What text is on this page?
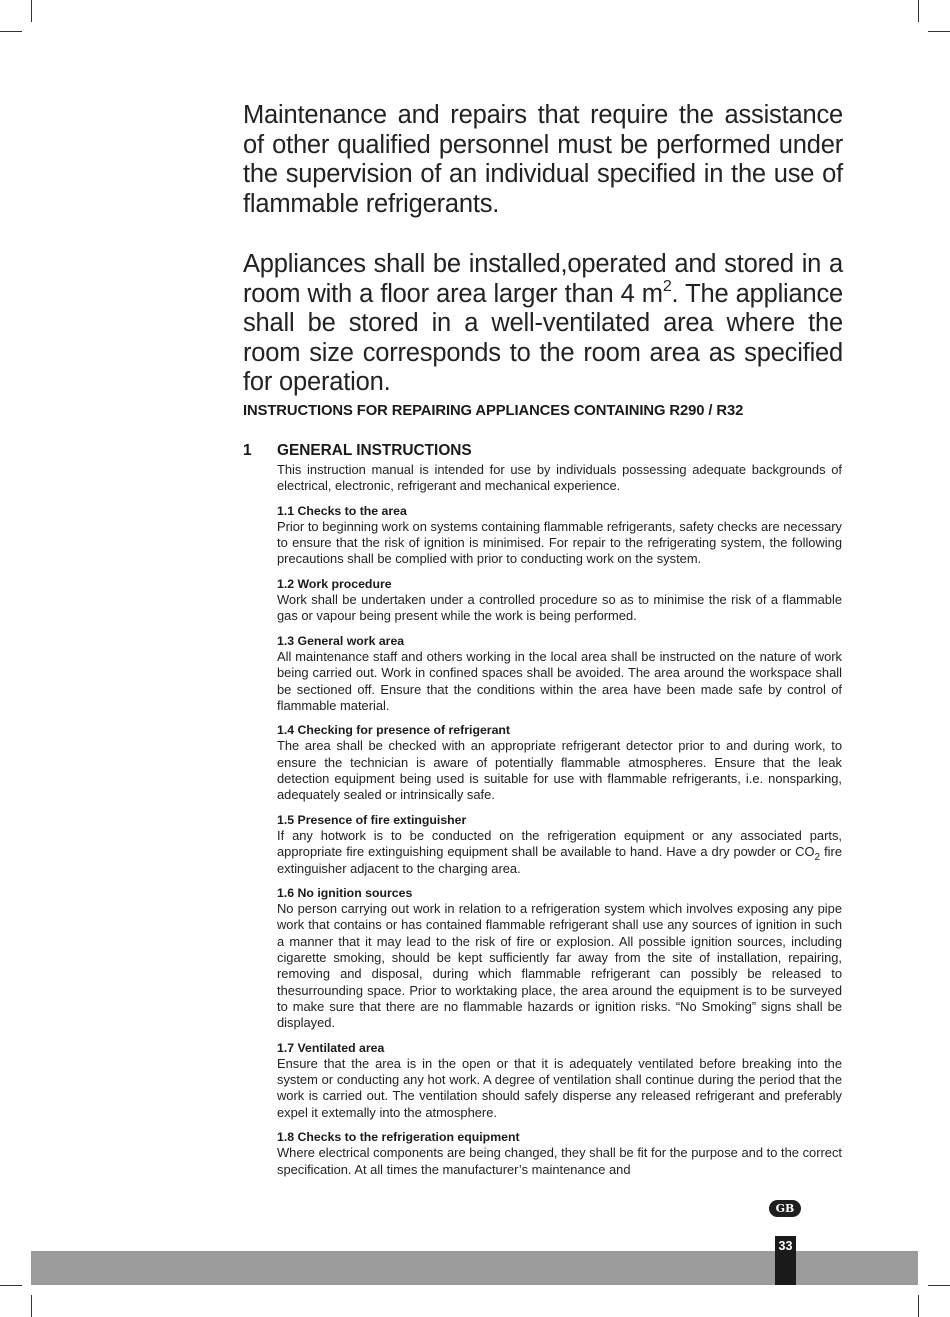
Maintenance and repairs that require the assistance of other qualified personnel must be performed under the supervision of an individual specified in the use of flammable refrigerants.

Appliances shall be installed,operated and stored in a room with a floor area larger than 4 $m^2$. The appliance shall be stored in a well-ventilated area where the room size corresponds to the room area as specified for operation.

INSTRUCTIONS FOR REPAIRING APPLIANCES CONTAINING R290 / R32
1 GENERAL INSTRUCTIONS

This instruction manual is intended for use by individuals possessing adequate backgrounds of electrical, electronic, refrigerant and mechanical experience.

1.1 Checks to the area

Prior to beginning work on systems containing flammable refrigerants, safety checks are necessary to ensure that the risk of ignition is minimised. For repair to the refrigerating system, the following precautions shall be complied with prior to conducting work on the system.

1.2 Work procedure

Work shall be undertaken under a controlled procedure so as to minimise the risk of a flammable gas or vapour being present while the work is being performed.

1.3 General work area

All maintenance staff and others working in the local area shall be instructed on the nature of work being carried out. Work in confined spaces shall be avoided. The area around the workspace shall be sectioned off. Ensure that the conditions within the area have been made safe by control of flammable material.

1.4 Checking for presence of refrigerant

The area shall be checked with an appropriate refrigerant detector prior to and during work, to ensure the technician is aware of potentially flammable atmospheres. Ensure that the leak detection equipment being used is suitable for use with flammable refrigerants, i.e. nonsparking, adequately sealed or intrinsically safe.

1.5 Presence of fire extinguisher

If any hotwork is to be conducted on the refrigeration equipment or any associated parts, appropriate fire extinguishing equipment shall be available to hand. Have a dry powder or $CO_2$ fire extinguisher adjacent to the charging area.

1.6 No ignition sources

No person carrying out work in relation to a refrigeration system which involves exposing any pipe work that contains or has contained flammable refrigerant shall use any sources of ignition in such a manner that it may lead to the risk of fire or explosion. All possible ignition sources, including cigarette smoking, should be kept sufficiently far away from the site of installation, repairing, removing and disposal, during which flammable refrigerant can possibly be released to thesurrounding space. Prior to worktaking place, the area around the equipment is to be surveyed to make sure that there are no flammable hazards or ignition risks. “No Smoking” signs shall be displayed.

1.7 Ventilated area

Ensure that the area is in the open or that it is adequately ventilated before breaking into the system or conducting any hot work. A degree of ventilation shall continue during the period that the work is carried out. The ventilation should safely disperse any released refrigerant and preferably expel it extemally into the atmosphere.

1.8 Checks to the refrigeration equipment

Where electrical components are being changed, they shall be fit for the purpose and to the correct specification. At all times the manufacturer’s maintenance and

GB
33
